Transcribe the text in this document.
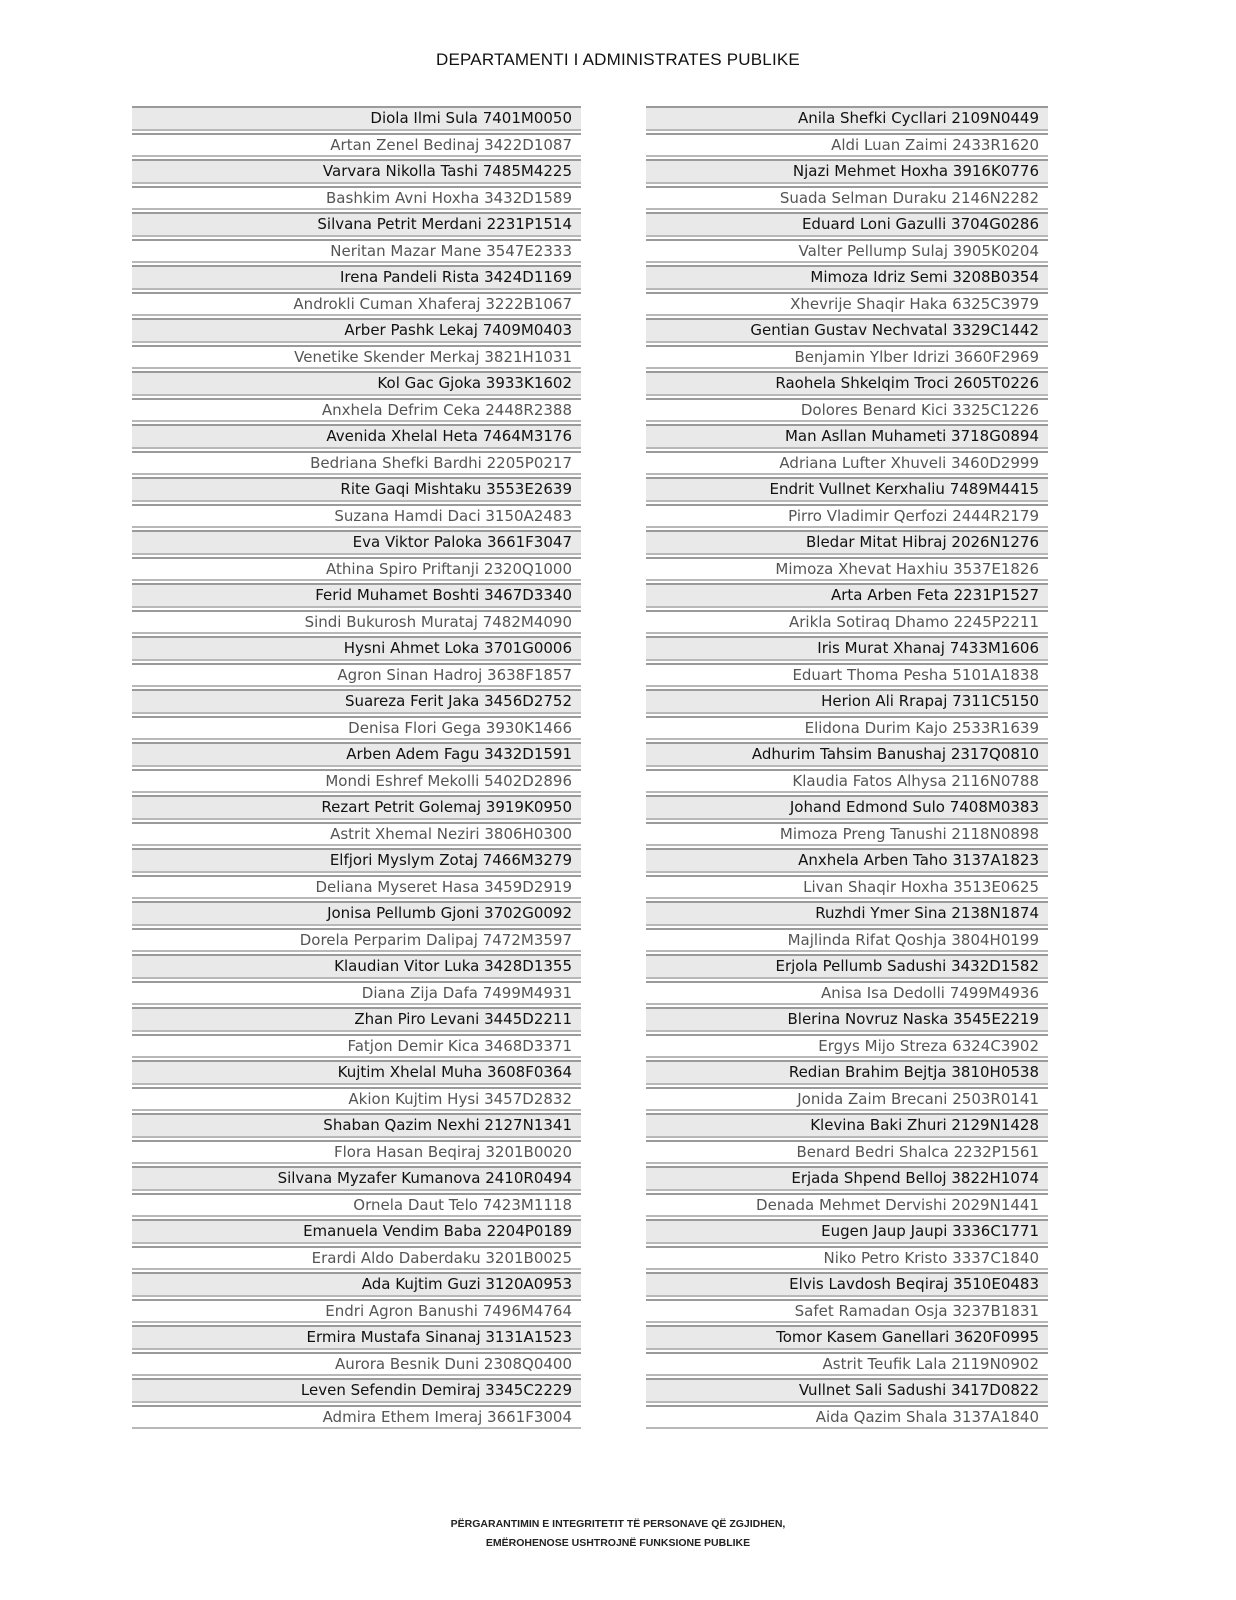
DEPARTAMENTI I ADMINISTRATES PUBLIKE
Diola Ilmi Sula 7401M0050
Artan Zenel Bedinaj 3422D1087
Varvara Nikolla Tashi 7485M4225
Bashkim Avni Hoxha 3432D1589
Silvana Petrit Merdani 2231P1514
Neritan Mazar Mane 3547E2333
Irena Pandeli Rista 3424D1169
Androkli Cuman Xhaferaj 3222B1067
Arber Pashk Lekaj 7409M0403
Venetike Skender Merkaj 3821H1031
Kol Gac Gjoka 3933K1602
Anxhela Defrim Ceka 2448R2388
Avenida Xhelal Heta 7464M3176
Bedriana Shefki Bardhi 2205P0217
Rite Gaqi Mishtaku 3553E2639
Suzana Hamdi Daci 3150A2483
Eva Viktor Paloka 3661F3047
Athina Spiro Priftanji 2320Q1000
Ferid Muhamet Boshti 3467D3340
Sindi Bukurosh Murataj 7482M4090
Hysni Ahmet Loka 3701G0006
Agron Sinan Hadroj 3638F1857
Suareza Ferit Jaka 3456D2752
Denisa Flori Gega 3930K1466
Arben Adem Fagu 3432D1591
Mondi Eshref Mekolli 5402D2896
Rezart Petrit Golemaj 3919K0950
Astrit Xhemal Neziri 3806H0300
Elfjori Myslym Zotaj 7466M3279
Deliana Myseret Hasa 3459D2919
Jonisa Pellumb Gjoni 3702G0092
Dorela Perparim Dalipaj 7472M3597
Klaudian Vitor Luka 3428D1355
Diana Zija Dafa 7499M4931
Zhan Piro Levani 3445D2211
Fatjon Demir Kica 3468D3371
Kujtim Xhelal Muha 3608F0364
Akion Kujtim Hysi 3457D2832
Shaban Qazim Nexhi 2127N1341
Flora Hasan Beqiraj 3201B0020
Silvana Myzafer Kumanova 2410R0494
Ornela Daut Telo 7423M1118
Emanuela Vendim Baba 2204P0189
Erardi Aldo Daberdaku 3201B0025
Ada Kujtim Guzi 3120A0953
Endri Agron Banushi 7496M4764
Ermira Mustafa Sinanaj 3131A1523
Aurora Besnik Duni 2308Q0400
Leven Sefendin Demiraj 3345C2229
Admira Ethem Imeraj 3661F3004
Anila Shefki Cycllari 2109N0449
Aldi Luan Zaimi 2433R1620
Njazi Mehmet Hoxha 3916K0776
Suada Selman Duraku 2146N2282
Eduard Loni Gazulli 3704G0286
Valter Pellump Sulaj 3905K0204
Mimoza Idriz Semi 3208B0354
Xhevrije Shaqir Haka 6325C3979
Gentian Gustav Nechvatal 3329C1442
Benjamin Ylber Idrizi 3660F2969
Raohela Shkelqim Troci 2605T0226
Dolores Benard Kici 3325C1226
Man Asllan Muhameti 3718G0894
Adriana Lufter Xhuveli 3460D2999
Endrit Vullnet Kerxhaliu 7489M4415
Pirro Vladimir Qerfozi 2444R2179
Bledar Mitat Hibraj 2026N1276
Mimoza Xhevat Haxhiu 3537E1826
Arta Arben Feta 2231P1527
Arikla Sotiraq Dhamo 2245P2211
Iris Murat Xhanaj 7433M1606
Eduart Thoma Pesha 5101A1838
Herion Ali Rrapaj 7311C5150
Elidona Durim Kajo 2533R1639
Adhurim Tahsim Banushaj 2317Q0810
Klaudia Fatos Alhysa 2116N0788
Johand Edmond Sulo 7408M0383
Mimoza Preng Tanushi 2118N0898
Anxhela Arben Taho 3137A1823
Livan Shaqir Hoxha 3513E0625
Ruzhdi Ymer Sina 2138N1874
Majlinda Rifat Qoshja 3804H0199
Erjola Pellumb Sadushi 3432D1582
Anisa Isa Dedolli 7499M4936
Blerina Novruz Naska 3545E2219
Ergys Mijo Streza 6324C3902
Redian Brahim Bejtja 3810H0538
Jonida Zaim Brecani 2503R0141
Klevina Baki Zhuri 2129N1428
Benard Bedri Shalca 2232P1561
Erjada Shpend Belloj 3822H1074
Denada Mehmet Dervishi 2029N1441
Eugen Jaup Jaupi 3336C1771
Niko Petro Kristo 3337C1840
Elvis Lavdosh Beqiraj 3510E0483
Safet Ramadan Osja 3237B1831
Tomor Kasem Ganellari 3620F0995
Astrit Teufik Lala 2119N0902
Vullnet Sali Sadushi 3417D0822
Aida Qazim Shala 3137A1840
PËRGARANTIMIN E INTEGRITETIT TË PERSONAVE QË ZGJIDHEN,
EMËROHENOSE USHTROJNË FUNKSIONE PUBLIKE
